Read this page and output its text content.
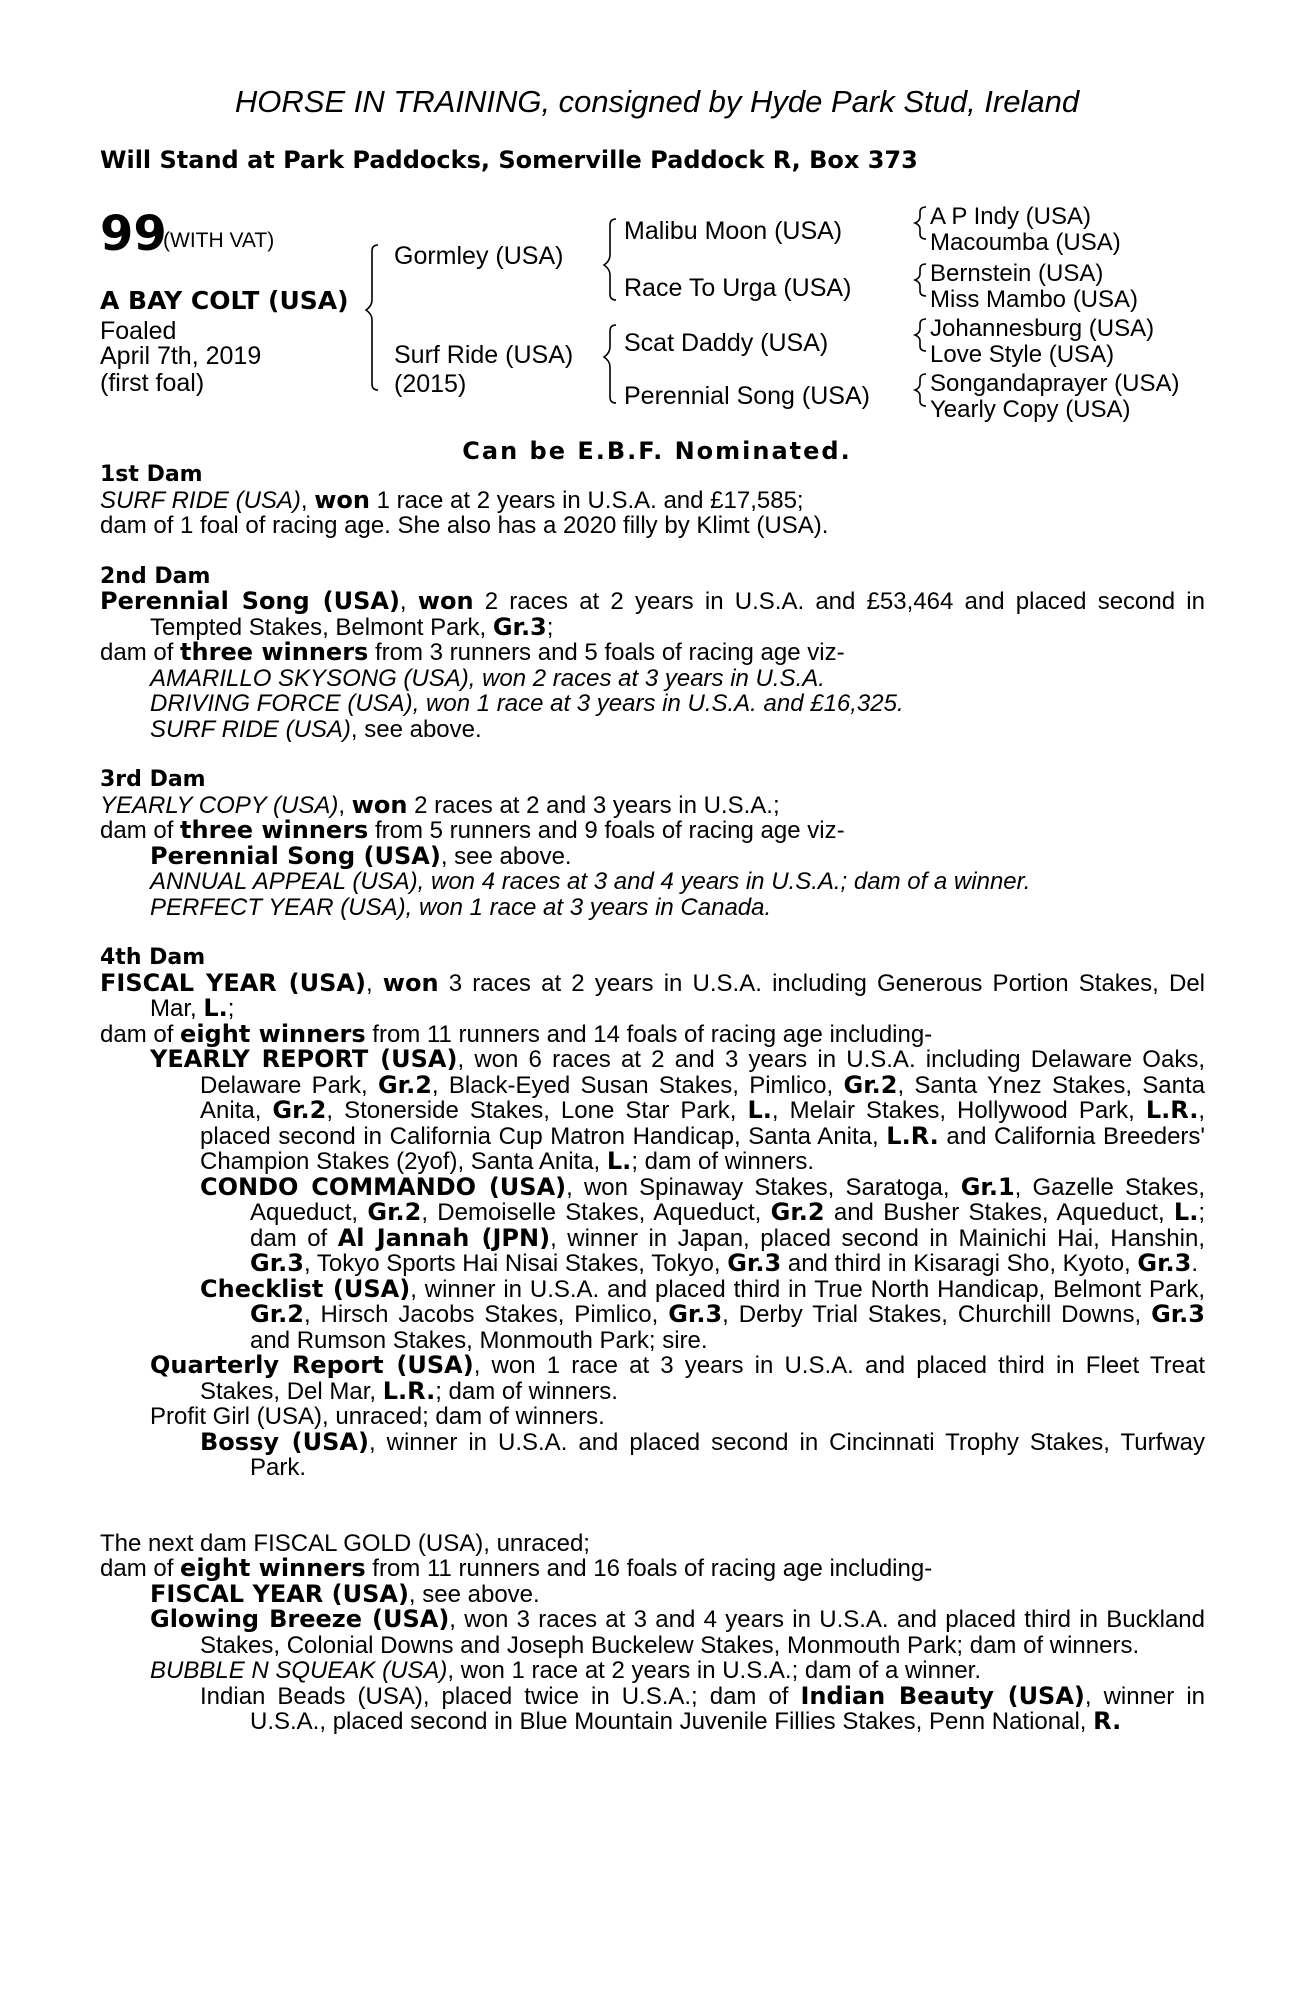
HORSE IN TRAINING, consigned by Hyde Park Stud, Ireland
Will Stand at Park Paddocks, Somerville Paddock R, Box 373
99
(WITH VAT)
A BAY COLT (USA)
Foaled
April 7th, 2019
(first foal)
Gormley (USA)
Surf Ride (USA)
(2015)
Malibu Moon (USA)
Race To Urga (USA)
Scat Daddy (USA)
Perennial Song (USA)
A P Indy (USA)
Macoumba (USA)
Bernstein (USA)
Miss Mambo (USA)
Johannesburg (USA)
Love Style (USA)
Songandaprayer (USA)
Yearly Copy (USA)
Can be E.B.F. Nominated.
1st Dam

SURF RIDE (USA), won 1 race at 2 years in U.S.A. and £17,585;

dam of 1 foal of racing age. She also has a 2020 filly by Klimt (USA).

2nd Dam

Perennial Song (USA), won 2 races at 2 years in U.S.A. and £53,464 and placed second in Tempted Stakes, Belmont Park, Gr.3;

dam of three winners from 3 runners and 5 foals of racing age viz-

AMARILLO SKYSONG (USA), won 2 races at 3 years in U.S.A.

DRIVING FORCE (USA), won 1 race at 3 years in U.S.A. and £16,325.

SURF RIDE (USA), see above.

3rd Dam

YEARLY COPY (USA), won 2 races at 2 and 3 years in U.S.A.;

dam of three winners from 5 runners and 9 foals of racing age viz-

Perennial Song (USA), see above.

ANNUAL APPEAL (USA), won 4 races at 3 and 4 years in U.S.A.; dam of a winner.

PERFECT YEAR (USA), won 1 race at 3 years in Canada.

4th Dam

FISCAL YEAR (USA), won 3 races at 2 years in U.S.A. including Generous Portion Stakes, Del Mar, L.;

dam of eight winners from 11 runners and 14 foals of racing age including-

YEARLY REPORT (USA), won 6 races at 2 and 3 years in U.S.A. including Delaware Oaks, Delaware Park, Gr.2, Black-Eyed Susan Stakes, Pimlico, Gr.2, Santa Ynez Stakes, Santa Anita, Gr.2, Stonerside Stakes, Lone Star Park, L., Melair Stakes, Hollywood Park, L.R., placed second in California Cup Matron Handicap, Santa Anita, L.R. and California Breeders' Champion Stakes (2yof), Santa Anita, L.; dam of winners.

CONDO COMMANDO (USA), won Spinaway Stakes, Saratoga, Gr.1, Gazelle Stakes, Aqueduct, Gr.2, Demoiselle Stakes, Aqueduct, Gr.2 and Busher Stakes, Aqueduct, L.; dam of Al Jannah (JPN), winner in Japan, placed second in Mainichi Hai, Hanshin, Gr.3, Tokyo Sports Hai Nisai Stakes, Tokyo, Gr.3 and third in Kisaragi Sho, Kyoto, Gr.3.

Checklist (USA), winner in U.S.A. and placed third in True North Handicap, Belmont Park, Gr.2, Hirsch Jacobs Stakes, Pimlico, Gr.3, Derby Trial Stakes, Churchill Downs, Gr.3 and Rumson Stakes, Monmouth Park; sire.

Quarterly Report (USA), won 1 race at 3 years in U.S.A. and placed third in Fleet Treat Stakes, Del Mar, L.R.; dam of winners.

Profit Girl (USA), unraced; dam of winners.

Bossy (USA), winner in U.S.A. and placed second in Cincinnati Trophy Stakes, Turfway Park.

The next dam FISCAL GOLD (USA), unraced;

dam of eight winners from 11 runners and 16 foals of racing age including-

FISCAL YEAR (USA), see above.

Glowing Breeze (USA), won 3 races at 3 and 4 years in U.S.A. and placed third in Buckland Stakes, Colonial Downs and Joseph Buckelew Stakes, Monmouth Park; dam of winners.

BUBBLE N SQUEAK (USA), won 1 race at 2 years in U.S.A.; dam of a winner.

Indian Beads (USA), placed twice in U.S.A.; dam of Indian Beauty (USA), winner in U.S.A., placed second in Blue Mountain Juvenile Fillies Stakes, Penn National, R.
